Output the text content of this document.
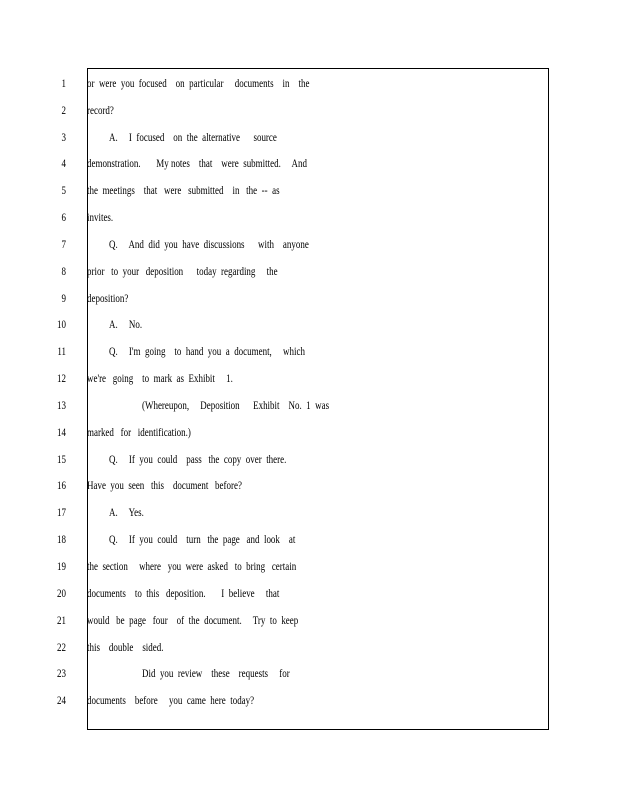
1 or  were  you  focused    on  particular     documents    in    the
2 record?
3	A.     I  focused    on  the  alternative      source
4 demonstration.       My notes    that    were  submitted.     And
5 the  meetings    that   were   submitted    in   the  --  as
6 invites.
7	Q.     And  did  you  have  discussions      with    anyone
8 prior   to  your   deposition      today  regarding     the
9 deposition?
10	A.     No.
11	Q.     I'm  going    to  hand  you  a  document,     which
12 we're   going    to  mark  as  Exhibit     1.
13	(Whereupon,     Deposition      Exhibit    No.  1  was
14 marked   for   identification.)
15	Q.     If  you  could    pass   the  copy  over  there.
16 Have  you  seen   this    document   before?
17	A.     Yes.
18	Q.     If  you  could    turn   the  page   and  look    at
19 the  section     where   you  were  asked   to  bring   certain
20 documents    to  this   deposition.       I  believe     that
21 would   be  page   four    of  the  document.     Try  to  keep
22 this    double    sided.
23	Did  you  review    these    requests     for
24 documents    before     you  came  here  today?
